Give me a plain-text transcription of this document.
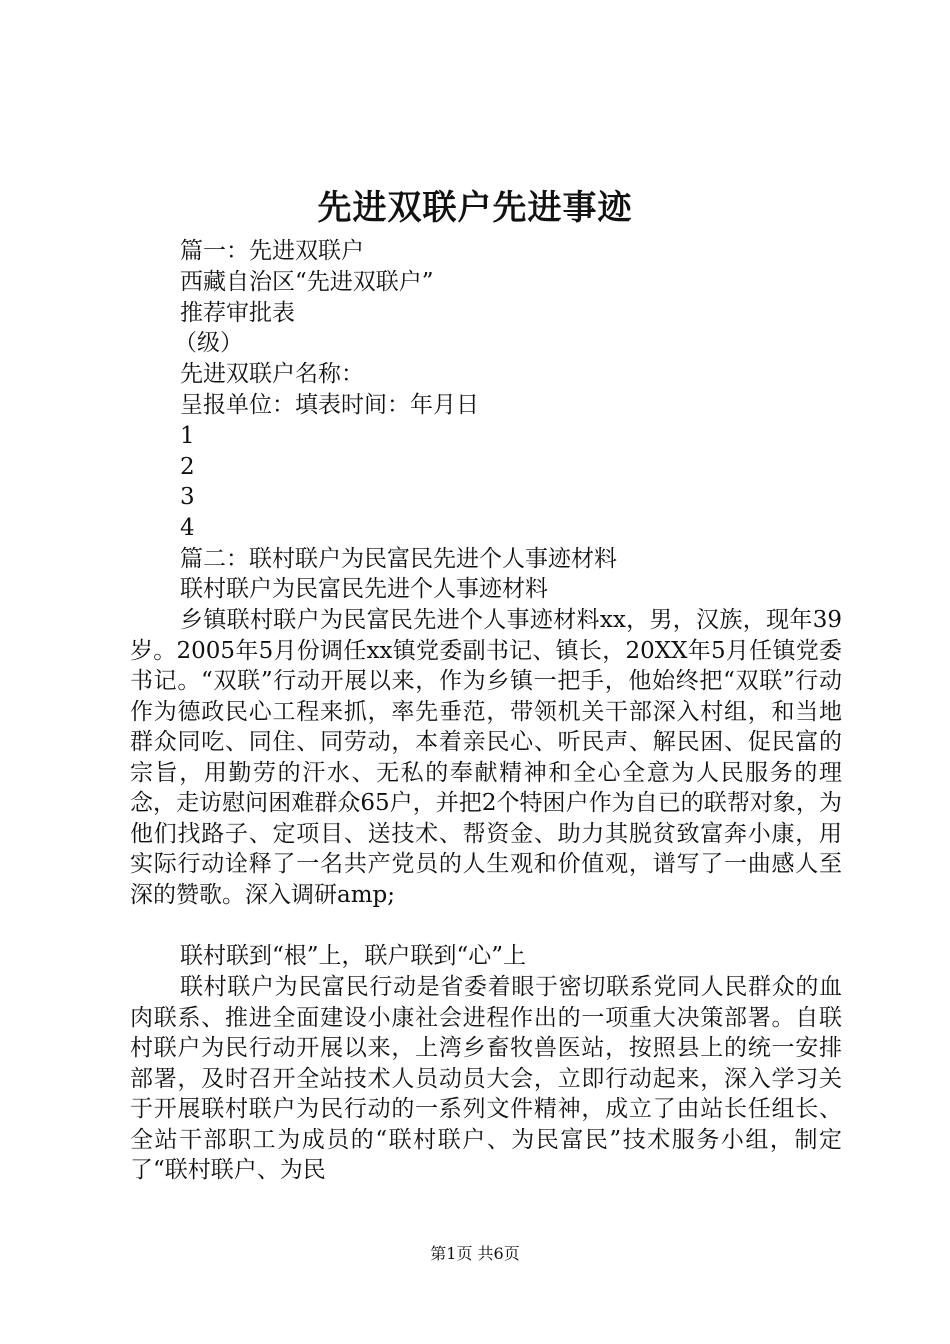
先进双联户先进事迹
篇一：先进双联户
西藏自治区“先进双联户”
推荐审批表
（级）
先进双联户名称：
呈报单位：填表时间：年月日
1
2
3
4
篇二：联村联户为民富民先进个人事迹材料
联村联户为民富民先进个人事迹材料
乡镇联村联户为民富民先进个人事迹材料xx，男，汉族，现年39岁。2005年5月份调任xx镇党委副书记、镇长，20XX年5月任镇党委书记。“双联”行动开展以来，作为乡镇一把手，他始终把“双联”行动作为德政民心工程来抓，率先垂范，带领机关干部深入村组，和当地群众同吃、同住、同劳动，本着亲民心、听民声、解民困、促民富的宗旨，用勤劳的汗水、无私的奉献精神和全心全意为人民服务的理念，走访慰问困难群众65户，并把2个特困户作为自已的联帮对象，为他们找路子、定项目、送技术、帮资金、助力其脱贫致富奔小康，用实际行动诠释了一名共产党员的人生观和价值观，谱写了一曲感人至深的赞歌。深入调研amp;
联村联到“根”上，联户联到“心”上
联村联户为民富民行动是省委着眼于密切联系党同人民群众的血肉联系、推进全面建设小康社会进程作出的一项重大决策部署。自联村联户为民行动开展以来，上湾乡畜牧兽医站，按照县上的统一安排部署，及时召开全站技术人员动员大会，立即行动起来，深入学习关于开展联村联户为民行动的一系列文件精神，成立了由站长任组长、全站干部职工为成员的“联村联户、为民富民”技术服务小组，制定了“联村联户、为民
第1页 共6页
